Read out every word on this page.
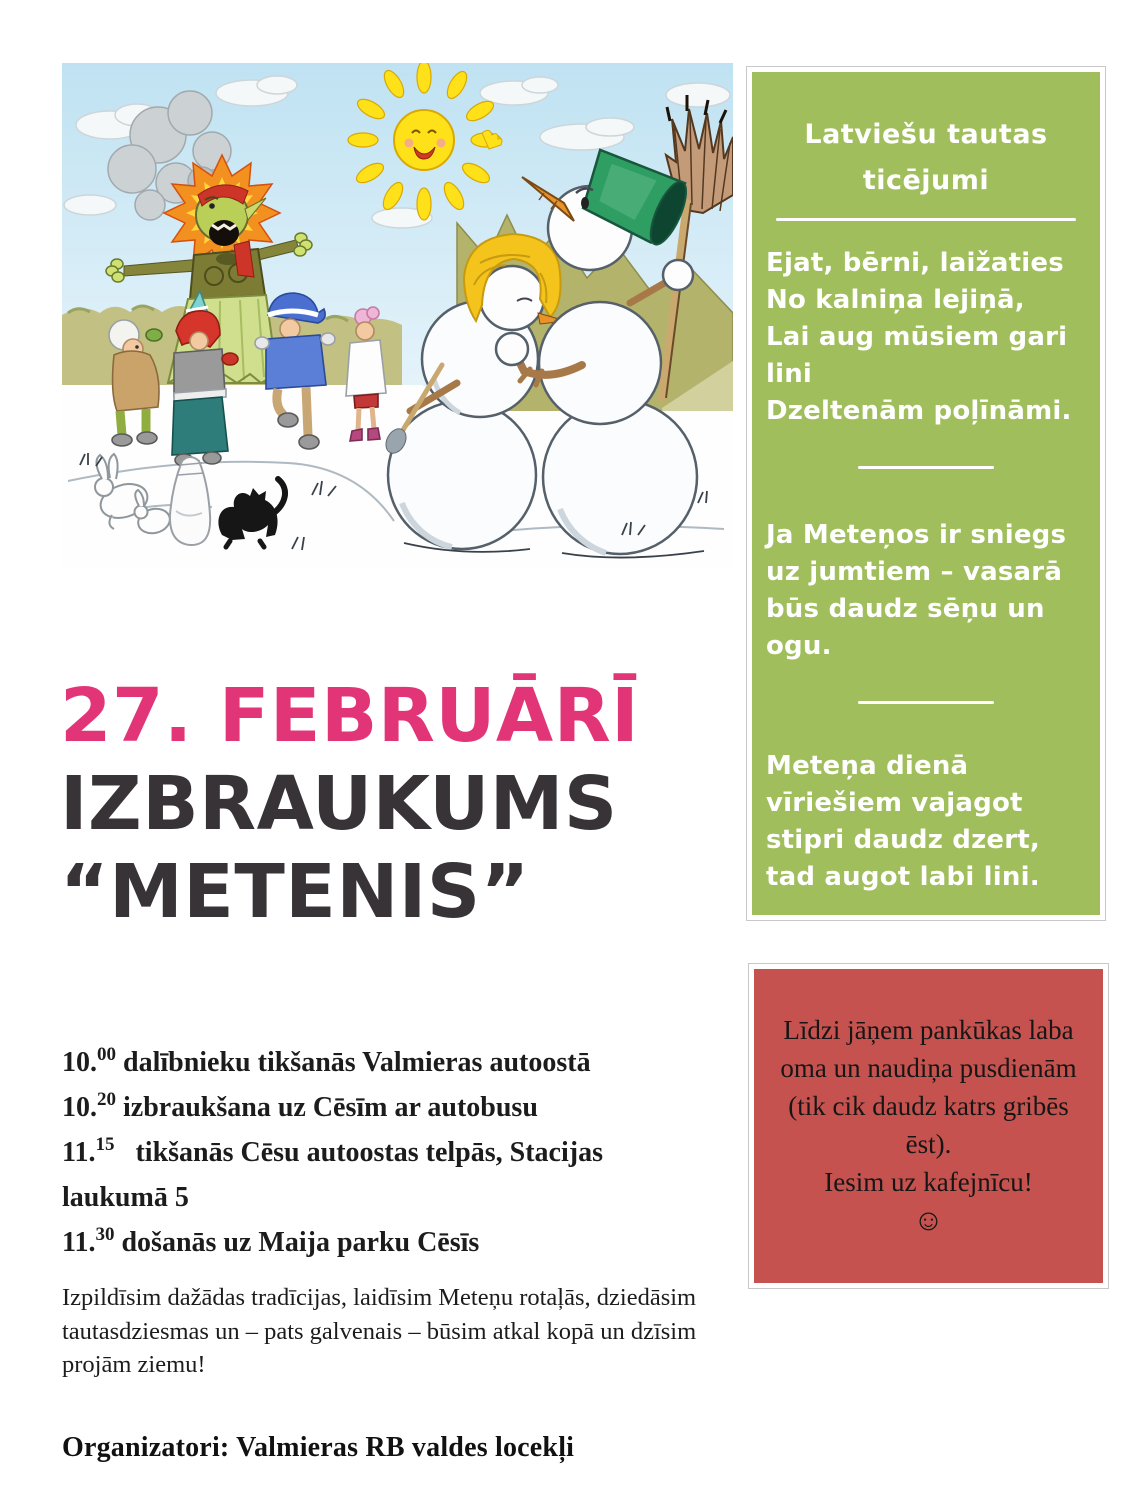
Latviešu tautas
ticējumi
Ejat, bērni, laižaties
No kalniņa lejiņā,
Lai aug mūsiem gari
lini
Dzeltenām poļīnāmi.
Ja Meteņos ir sniegs
uz jumtiem – vasarā
būs daudz sēņu un
ogu.
Meteņa dienā
vīriešiem vajagot
stipri daudz dzert,
tad augot labi lini.
Līdzi jāņem pankūkas laba
oma un naudiņa pusdienām
(tik cik daudz katrs gribēs
ēst).
Iesim uz kafejnīcu!
☺
27. FEBRUĀRĪ
IZBRAUKUMS
“METENIS”
10.00 dalībnieku tikšanās Valmieras autoostā
10.20 izbraukšana uz Cēsīm ar autobusu
11.15   tikšanās Cēsu autoostas telpās, Stacijas
laukumā 5
11.30 došanās uz Maija parku Cēsīs
Izpildīsim dažādas tradīcijas, laidīsim Meteņu rotaļās, dziedāsim
tautasdziesmas un – pats galvenais – būsim atkal kopā un dzīsim
projām ziemu!
Organizatori: Valmieras RB valdes locekļi
